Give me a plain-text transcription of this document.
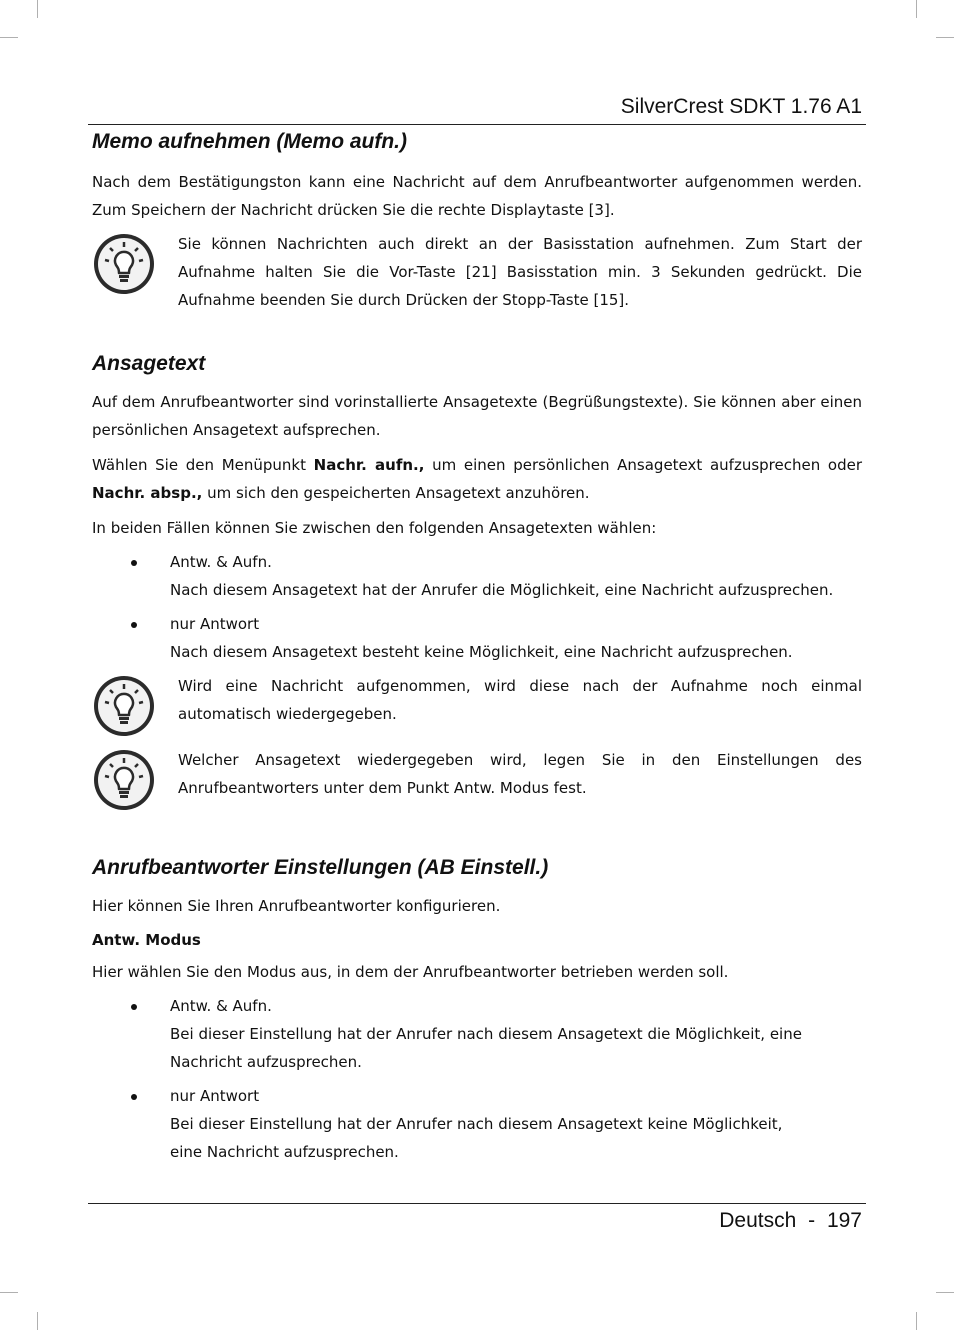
SilverCrest SDKT 1.76 A1
Memo aufnehmen (Memo aufn.)

Nach dem Bestätigungston kann eine Nachricht auf dem Anrufbeantworter aufgenommen werden. Zum Speichern der Nachricht drücken Sie die rechte Displaytaste [3].

Sie können Nachrichten auch direkt an der Basisstation aufnehmen. Zum Start der Aufnahme halten Sie die Vor-Taste [21] Basisstation min. 3 Sekunden gedrückt. Die Aufnahme beenden Sie durch Drücken der Stopp-Taste [15].

Ansagetext

Auf dem Anrufbeantworter sind vorinstallierte Ansagetexte (Begrüßungstexte). Sie können aber einen persönlichen Ansagetext aufsprechen.

Wählen Sie den Menüpunkt Nachr. aufn., um einen persönlichen Ansagetext aufzusprechen oder Nachr. absp., um sich den gespeicherten Ansagetext anzuhören.

In beiden Fällen können Sie zwischen den folgenden Ansagetexten wählen:

Antw. & Aufn.

Nach diesem Ansagetext hat der Anrufer die Möglichkeit, eine Nachricht aufzusprechen.

nur Antwort

Nach diesem Ansagetext besteht keine Möglichkeit, eine Nachricht aufzusprechen.

Wird eine Nachricht aufgenommen, wird diese nach der Aufnahme noch einmal automatisch wiedergegeben.

Welcher Ansagetext wiedergegeben wird, legen Sie in den Einstellungen des Anrufbeantworters unter dem Punkt Antw. Modus fest.

Anrufbeantworter Einstellungen (AB Einstell.)

Hier können Sie Ihren Anrufbeantworter konfigurieren.

Antw. Modus

Hier wählen Sie den Modus aus, in dem der Anrufbeantworter betrieben werden soll.

Antw. & Aufn.

Bei dieser Einstellung hat der Anrufer nach diesem Ansagetext die Möglichkeit, eine Nachricht aufzusprechen.

nur Antwort

Bei dieser Einstellung hat der Anrufer nach diesem Ansagetext keine Möglichkeit, eine Nachricht aufzusprechen.

Deutsch - 197
